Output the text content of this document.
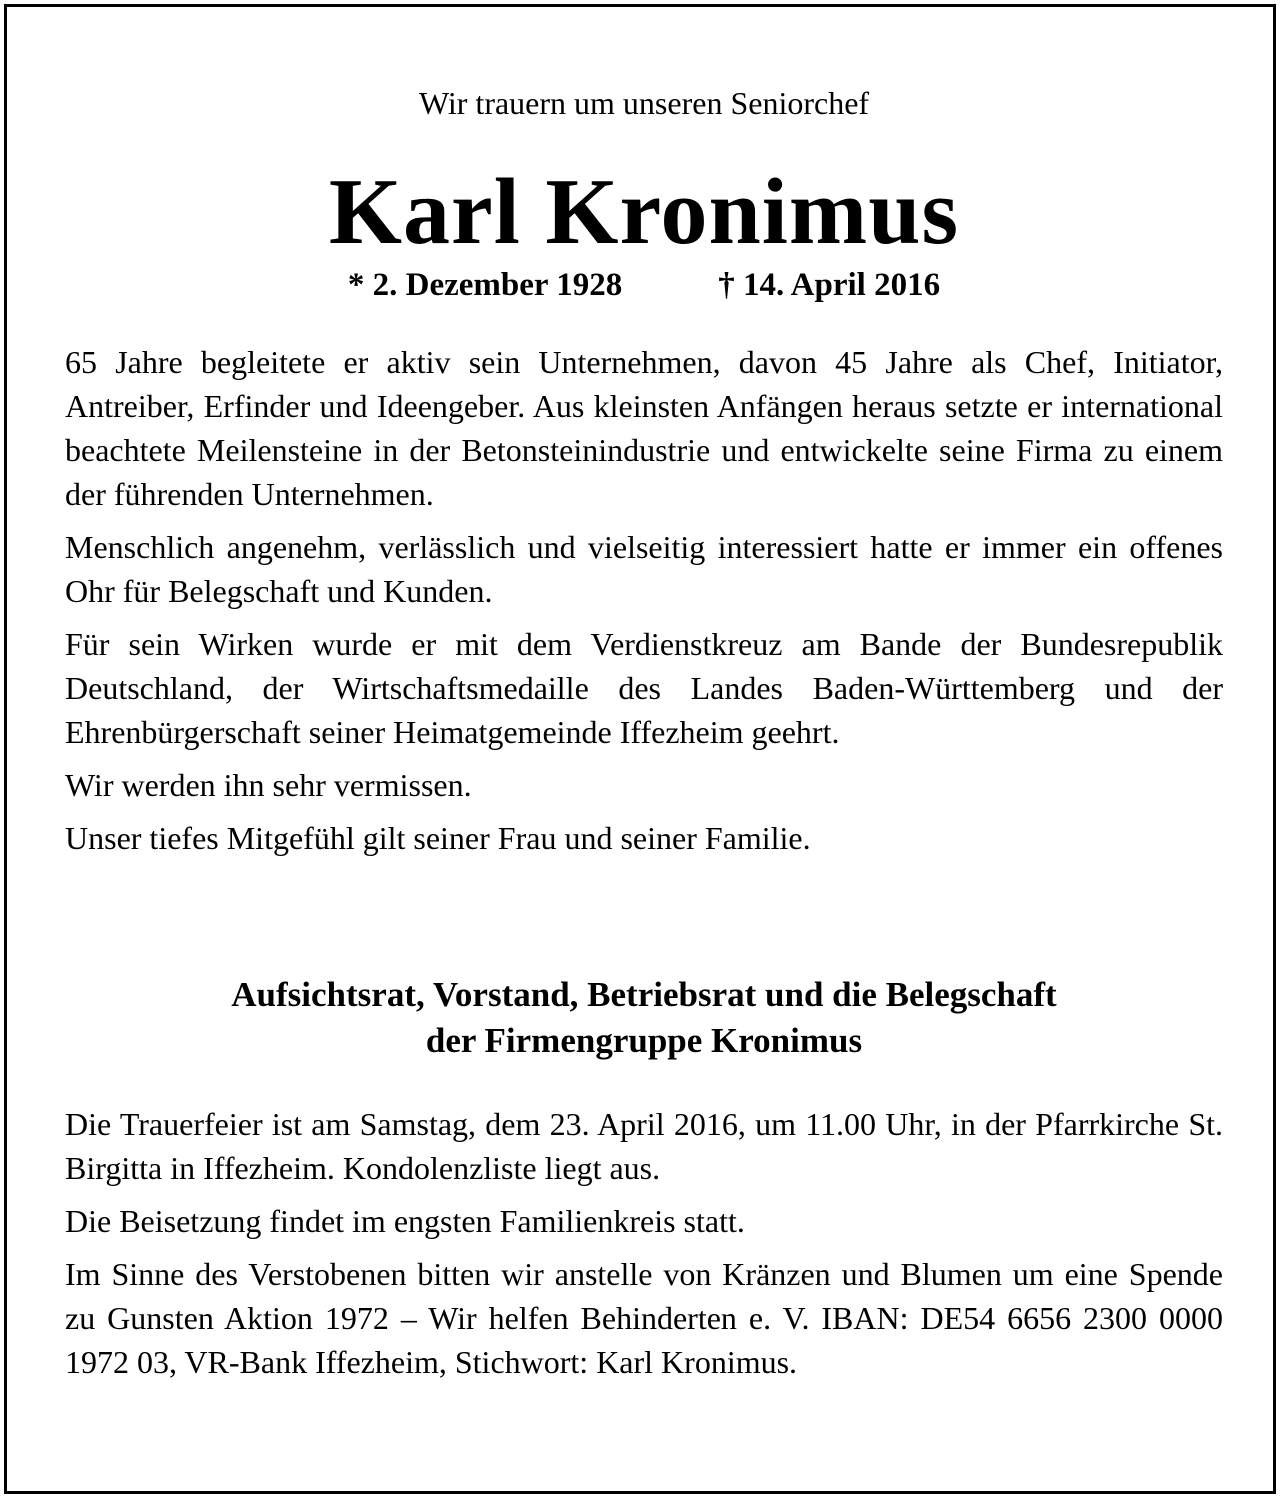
Wir trauern um unseren Seniorchef
Karl Kronimus
* 2. Dezember 1928	† 14. April 2016

65 Jahre begleitete er aktiv sein Unternehmen, davon 45 Jahre als Chef, Initiator, Antreiber, Erfinder und Ideengeber. Aus kleinsten Anfängen heraus setzte er international beachtete Meilensteine in der Betonsteinindustrie und entwickelte seine Firma zu einem der führenden Unternehmen.

Menschlich angenehm, verlässlich und vielseitig interessiert hatte er immer ein offenes Ohr für Belegschaft und Kunden.

Für sein Wirken wurde er mit dem Verdienstkreuz am Bande der Bundesrepublik Deutschland, der Wirtschaftsmedaille des Landes Baden-Württemberg und der Ehrenbürgerschaft seiner Heimatgemeinde Iffezheim geehrt.

Wir werden ihn sehr vermissen.

Unser tiefes Mitgefühl gilt seiner Frau und seiner Familie.

Aufsichtsrat, Vorstand, Betriebsrat und die Belegschaft
der Firmengruppe Kronimus

Die Trauerfeier ist am Samstag, dem 23. April 2016, um 11.00 Uhr, in der Pfarrkirche St. Birgitta in Iffezheim. Kondolenzliste liegt aus.

Die Beisetzung findet im engsten Familienkreis statt.

Im Sinne des Verstobenen bitten wir anstelle von Kränzen und Blumen um eine Spende zu Gunsten Aktion 1972 – Wir helfen Behinderten e. V. IBAN: DE54 6656 2300 0000 1972 03, VR-Bank Iffezheim, Stichwort: Karl Kronimus.
